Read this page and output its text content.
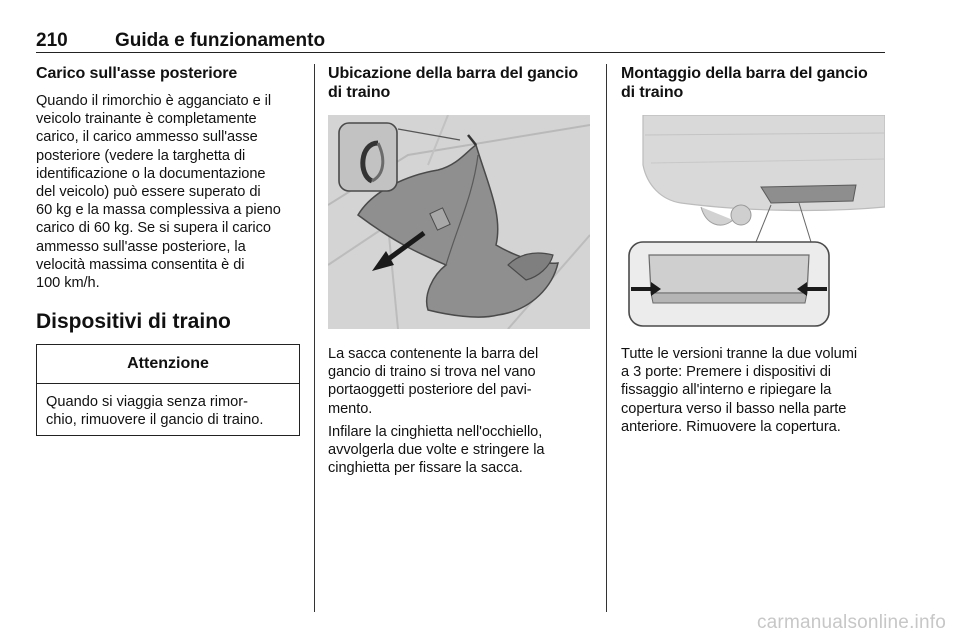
210 Guida e funzionamento

Carico sull'asse posteriore

Quando il rimorchio è agganciato e il
veicolo trainante è completamente
carico, il carico ammesso sull'asse
posteriore (vedere la targhetta di
identificazione o la documentazione
del veicolo) può essere superato di
60 kg e la massa complessiva a pieno
carico di 60 kg. Se si supera il carico
ammesso sull'asse posteriore, la
velocità massima consentita è di
100 km/h.

Dispositivi di traino

Attenzione
Quando si viaggia senza rimor-
chio, rimuovere il gancio di traino.

Ubicazione della barra del gancio
di traino

La sacca contenente la barra del
gancio di traino si trova nel vano
portaoggetti posteriore del pavi-
mento.

Infilare la cinghietta nell'occhiello,
avvolgerla due volte e stringere la
cinghietta per fissare la sacca.

Montaggio della barra del gancio
di traino

Tutte le versioni tranne la due volumi
a 3 porte: Premere i dispositivi di
fissaggio all'interno e ripiegare la
copertura verso il basso nella parte
anteriore. Rimuovere la copertura.

carmanualsonline.info
